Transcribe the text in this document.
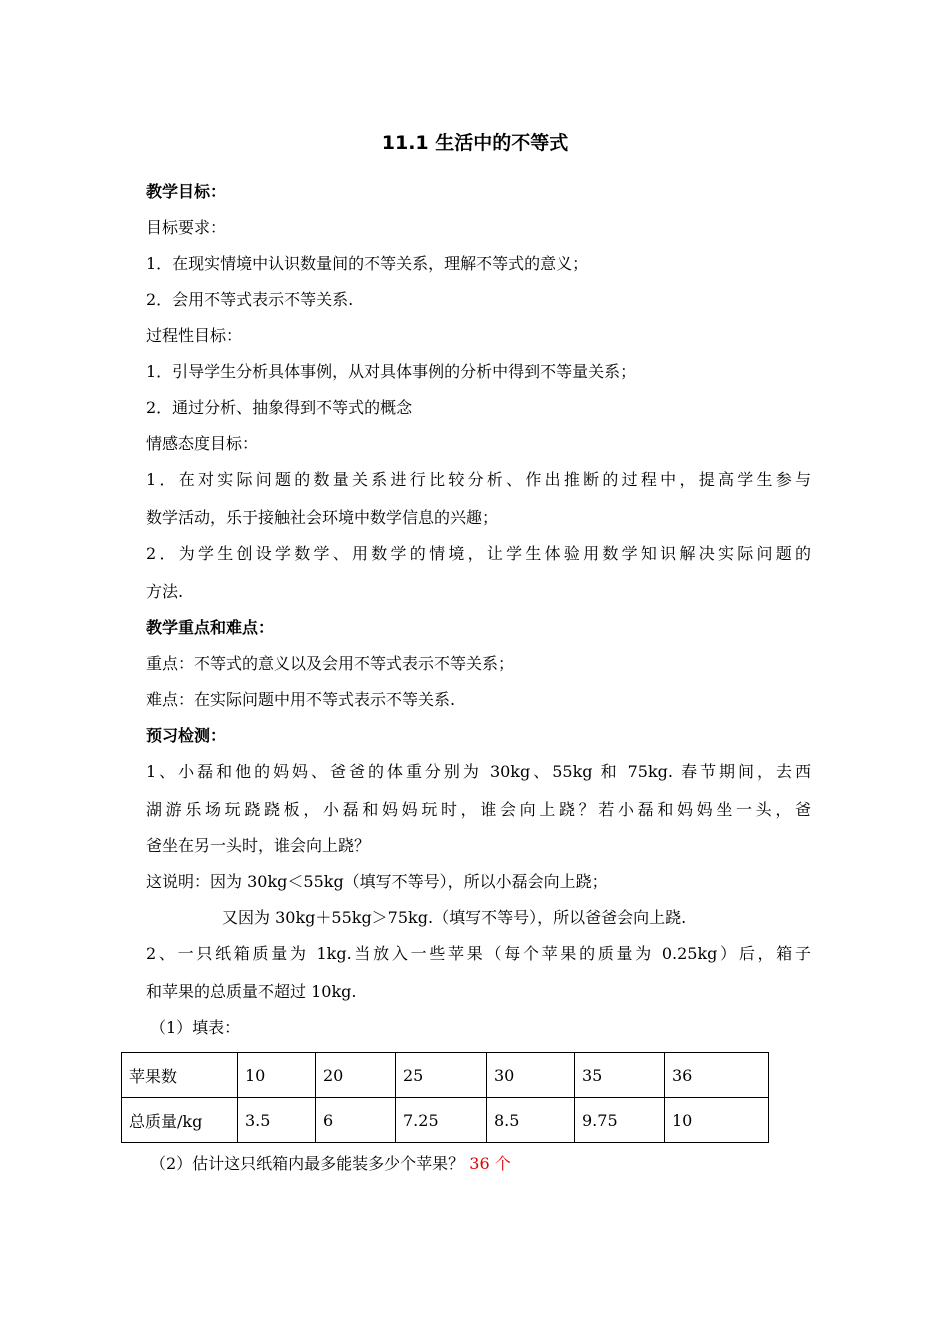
11.1 生活中的不等式
教学目标：
目标要求：
1．在现实情境中认识数量间的不等关系，理解不等式的意义；
2．会用不等式表示不等关系.
过程性目标：
1．引导学生分析具体事例，从对具体事例的分析中得到不等量关系；
2．通过分析、抽象得到不等式的概念
情感态度目标：
1．在对实际问题的数量关系进行比较分析、作出推断的过程中，提高学生参与
数学活动，乐于接触社会环境中数学信息的兴趣；
2．为学生创设学数学、用数学的情境，让学生体验用数学知识解决实际问题的
方法.
教学重点和难点：
重点：不等式的意义以及会用不等式表示不等关系；
难点：在实际问题中用不等式表示不等关系.
预习检测：
1、小磊和他的妈妈、爸爸的体重分别为 30kg、55kg 和 75kg. 春节期间，去西
湖游乐场玩跷跷板，小磊和妈妈玩时，谁会向上跷？若小磊和妈妈坐一头，爸
爸坐在另一头时，谁会向上跷？
这说明：因为 30kg＜55kg（填写不等号），所以小磊会向上跷；
又因为 30kg＋55kg＞75kg.（填写不等号），所以爸爸会向上跷.
2、一只纸箱质量为 1kg.当放入一些苹果（每个苹果的质量为 0.25kg）后，箱子
和苹果的总质量不超过 10kg.
（1）填表：
苹果数	10	20	25	30	35	36
总质量/kg	3.5	6	7.25	8.5	9.75	10
（2）估计这只纸箱内最多能装多少个苹果？ 36 个
